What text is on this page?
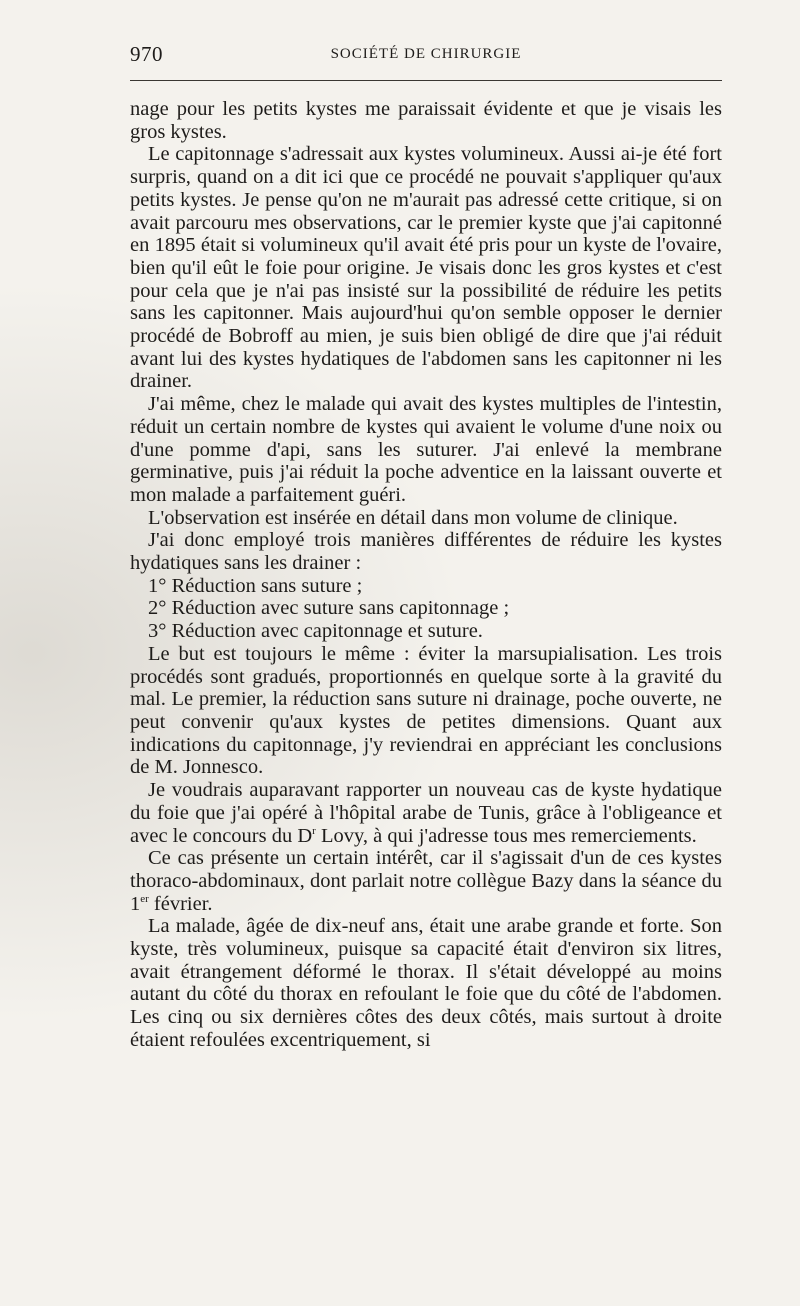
970	SOCIÉTÉ DE CHIRURGIE

nage pour les petits kystes me paraissait évidente et que je visais les gros kystes.

Le capitonnage s'adressait aux kystes volumineux. Aussi ai-je été fort surpris, quand on a dit ici que ce procédé ne pouvait s'appliquer qu'aux petits kystes. Je pense qu'on ne m'aurait pas adressé cette critique, si on avait parcouru mes observations, car le premier kyste que j'ai capitonné en 1895 était si volumineux qu'il avait été pris pour un kyste de l'ovaire, bien qu'il eût le foie pour origine. Je visais donc les gros kystes et c'est pour cela que je n'ai pas insisté sur la possibilité de réduire les petits sans les capitonner. Mais aujourd'hui qu'on semble opposer le dernier procédé de Bobroff au mien, je suis bien obligé de dire que j'ai réduit avant lui des kystes hydatiques de l'abdomen sans les capitonner ni les drainer.

J'ai même, chez le malade qui avait des kystes multiples de l'intestin, réduit un certain nombre de kystes qui avaient le volume d'une noix ou d'une pomme d'api, sans les suturer. J'ai enlevé la membrane germinative, puis j'ai réduit la poche adventice en la laissant ouverte et mon malade a parfaitement guéri.

L'observation est insérée en détail dans mon volume de clinique.

J'ai donc employé trois manières différentes de réduire les kystes hydatiques sans les drainer :

1° Réduction sans suture ;

2° Réduction avec suture sans capitonnage ;

3° Réduction avec capitonnage et suture.

Le but est toujours le même : éviter la marsupialisation. Les trois procédés sont gradués, proportionnés en quelque sorte à la gravité du mal. Le premier, la réduction sans suture ni drainage, poche ouverte, ne peut convenir qu'aux kystes de petites dimensions. Quant aux indications du capitonnage, j'y reviendrai en appréciant les conclusions de M. Jonnesco.

Je voudrais auparavant rapporter un nouveau cas de kyste hydatique du foie que j'ai opéré à l'hôpital arabe de Tunis, grâce à l'obligeance et avec le concours du $D^r$ Lovy, à qui j'adresse tous mes remerciements.

Ce cas présente un certain intérêt, car il s'agissait d'un de ces kystes thoraco-abdominaux, dont parlait notre collègue Bazy dans la séance du 1er février.

La malade, âgée de dix-neuf ans, était une arabe grande et forte. Son kyste, très volumineux, puisque sa capacité était d'environ six litres, avait étrangement déformé le thorax. Il s'était développé au moins autant du côté du thorax en refoulant le foie que du côté de l'abdomen. Les cinq ou six dernières côtes des deux côtés, mais surtout à droite étaient refoulées excentriquement, si
